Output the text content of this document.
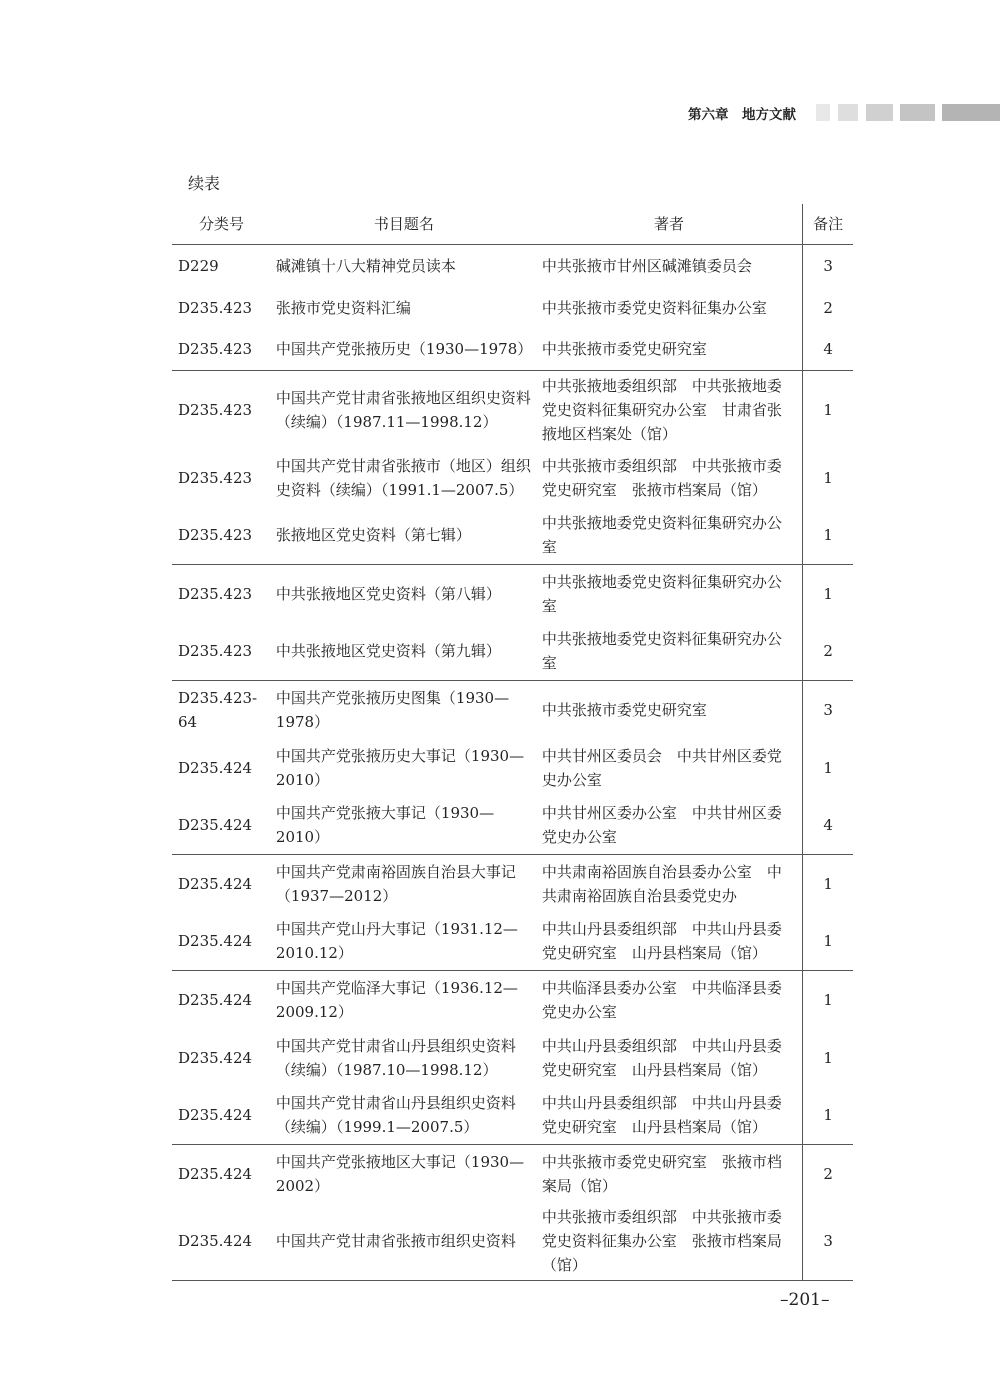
第六章　地方文献
续表
分类号	书目题名	著者	备注
D229	碱滩镇十八大精神党员读本	中共张掖市甘州区碱滩镇委员会	3
D235.423	张掖市党史资料汇编	中共张掖市委党史资料征集办公室	2
D235.423	中国共产党张掖历史（1930—1978）	中共张掖市委党史研究室	4
D235.423	中国共产党甘肃省张掖地区组织史资料（续编）（1987.11—1998.12）	中共张掖地委组织部　中共张掖地委党史资料征集研究办公室　甘肃省张掖地区档案处（馆）	1
D235.423	中国共产党甘肃省张掖市（地区）组织史资料（续编）（1991.1—2007.5）	中共张掖市委组织部　中共张掖市委党史研究室　张掖市档案局（馆）	1
D235.423	张掖地区党史资料（第七辑）	中共张掖地委党史资料征集研究办公室	1
D235.423	中共张掖地区党史资料（第八辑）	中共张掖地委党史资料征集研究办公室	1
D235.423	中共张掖地区党史资料（第九辑）	中共张掖地委党史资料征集研究办公室	2
D235.423-64	中国共产党张掖历史图集（1930—1978）	中共张掖市委党史研究室	3
D235.424	中国共产党张掖历史大事记（1930—2010）	中共甘州区委员会　中共甘州区委党史办公室	1
D235.424	中国共产党张掖大事记（1930—2010）	中共甘州区委办公室　中共甘州区委党史办公室	4
D235.424	中国共产党肃南裕固族自治县大事记（1937—2012）	中共肃南裕固族自治县委办公室　中共肃南裕固族自治县委党史办	1
D235.424	中国共产党山丹大事记（1931.12—2010.12）	中共山丹县委组织部　中共山丹县委党史研究室　山丹县档案局（馆）	1
D235.424	中国共产党临泽大事记（1936.12—2009.12）	中共临泽县委办公室　中共临泽县委党史办公室	1
D235.424	中国共产党甘肃省山丹县组织史资料（续编）（1987.10—1998.12）	中共山丹县委组织部　中共山丹县委党史研究室　山丹县档案局（馆）	1
D235.424	中国共产党甘肃省山丹县组织史资料（续编）（1999.1—2007.5）	中共山丹县委组织部　中共山丹县委党史研究室　山丹县档案局（馆）	1
D235.424	中国共产党张掖地区大事记（1930—2002）	中共张掖市委党史研究室　张掖市档案局（馆）	2
D235.424	中国共产党甘肃省张掖市组织史资料	中共张掖市委组织部　中共张掖市委党史资料征集办公室　张掖市档案局（馆）	3
–201–
